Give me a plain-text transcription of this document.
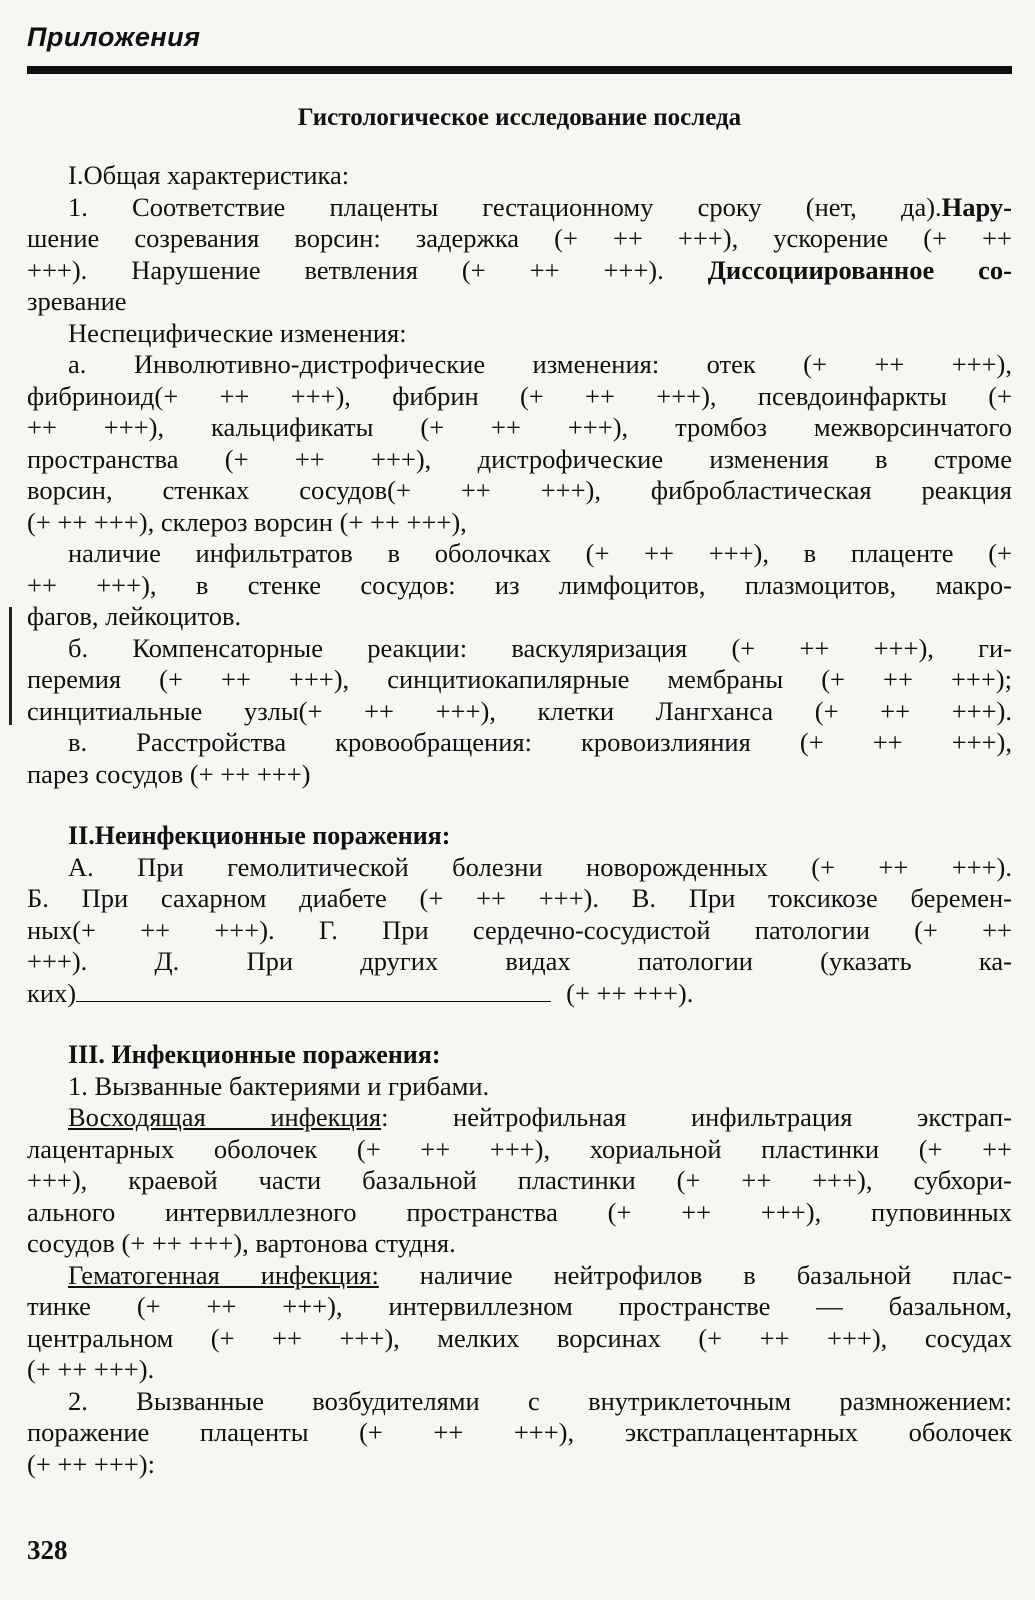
Приложения
Гистологическое исследование последа
I.Общая характеристика:
1. Соответствие плаценты гестационному сроку (нет, да).Нару-
шение созревания ворсин: задержка (+ ++ +++), ускорение (+ ++
+++). Нарушение ветвления (+ ++ +++). Диссоциированное со-
зревание
Неспецифические изменения:
а. Инволютивно-дистрофические изменения: отек (+ ++ +++),
фибриноид(+ ++ +++), фибрин (+ ++ +++), псевдоинфаркты (+
++ +++), кальцификаты (+ ++ +++), тромбоз межворсинчатого
пространства (+ ++ +++), дистрофические изменения в строме
ворсин, стенках сосудов(+ ++ +++), фибробластическая реакция
(+ ++ +++), склероз ворсин (+ ++ +++),
наличие инфильтратов в оболочках (+ ++ +++), в плаценте (+
++ +++), в стенке сосудов: из лимфоцитов, плазмоцитов, макро-
фагов, лейкоцитов.
б. Компенсаторные реакции: васкуляризация (+ ++ +++), ги-
перемия (+ ++ +++), синцитиокапилярные мембраны (+ ++ +++);
синцитиальные узлы(+ ++ +++), клетки Лангханса (+ ++ +++).
в. Расстройства кровообращения: кровоизлияния (+ ++ +++),
парез сосудов (+ ++ +++)
II.Неинфекционные поражения:
А. При гемолитической болезни новорожденных (+ ++ +++).
Б. При сахарном диабете (+ ++ +++). В. При токсикозе беремен-
ных(+ ++ +++). Г. При сердечно-сосудистой патологии (+ ++
+++). Д. При других видах патологии (указать ка-
ких)	(+ ++ +++).
III. Инфекционные поражения:
1. Вызванные бактериями и грибами.
Восходящая инфекция: нейтрофильная инфильтрация экстрап-
лацентарных оболочек (+ ++ +++), хориальной пластинки (+ ++
+++), краевой части базальной пластинки (+ ++ +++), субхори-
ального интервиллезного пространства (+ ++ +++), пуповинных
сосудов (+ ++ +++), вартонова студня.
Гематогенная инфекция: наличие нейтрофилов в базальной плас-
тинке (+ ++ +++), интервиллезном пространстве — базальном,
центральном (+ ++ +++), мелких ворсинах (+ ++ +++), сосудах
(+ ++ +++).
2. Вызванные возбудителями с внутриклеточным размножением:
поражение плаценты (+ ++ +++), экстраплацентарных оболочек
(+ ++ +++):
328
